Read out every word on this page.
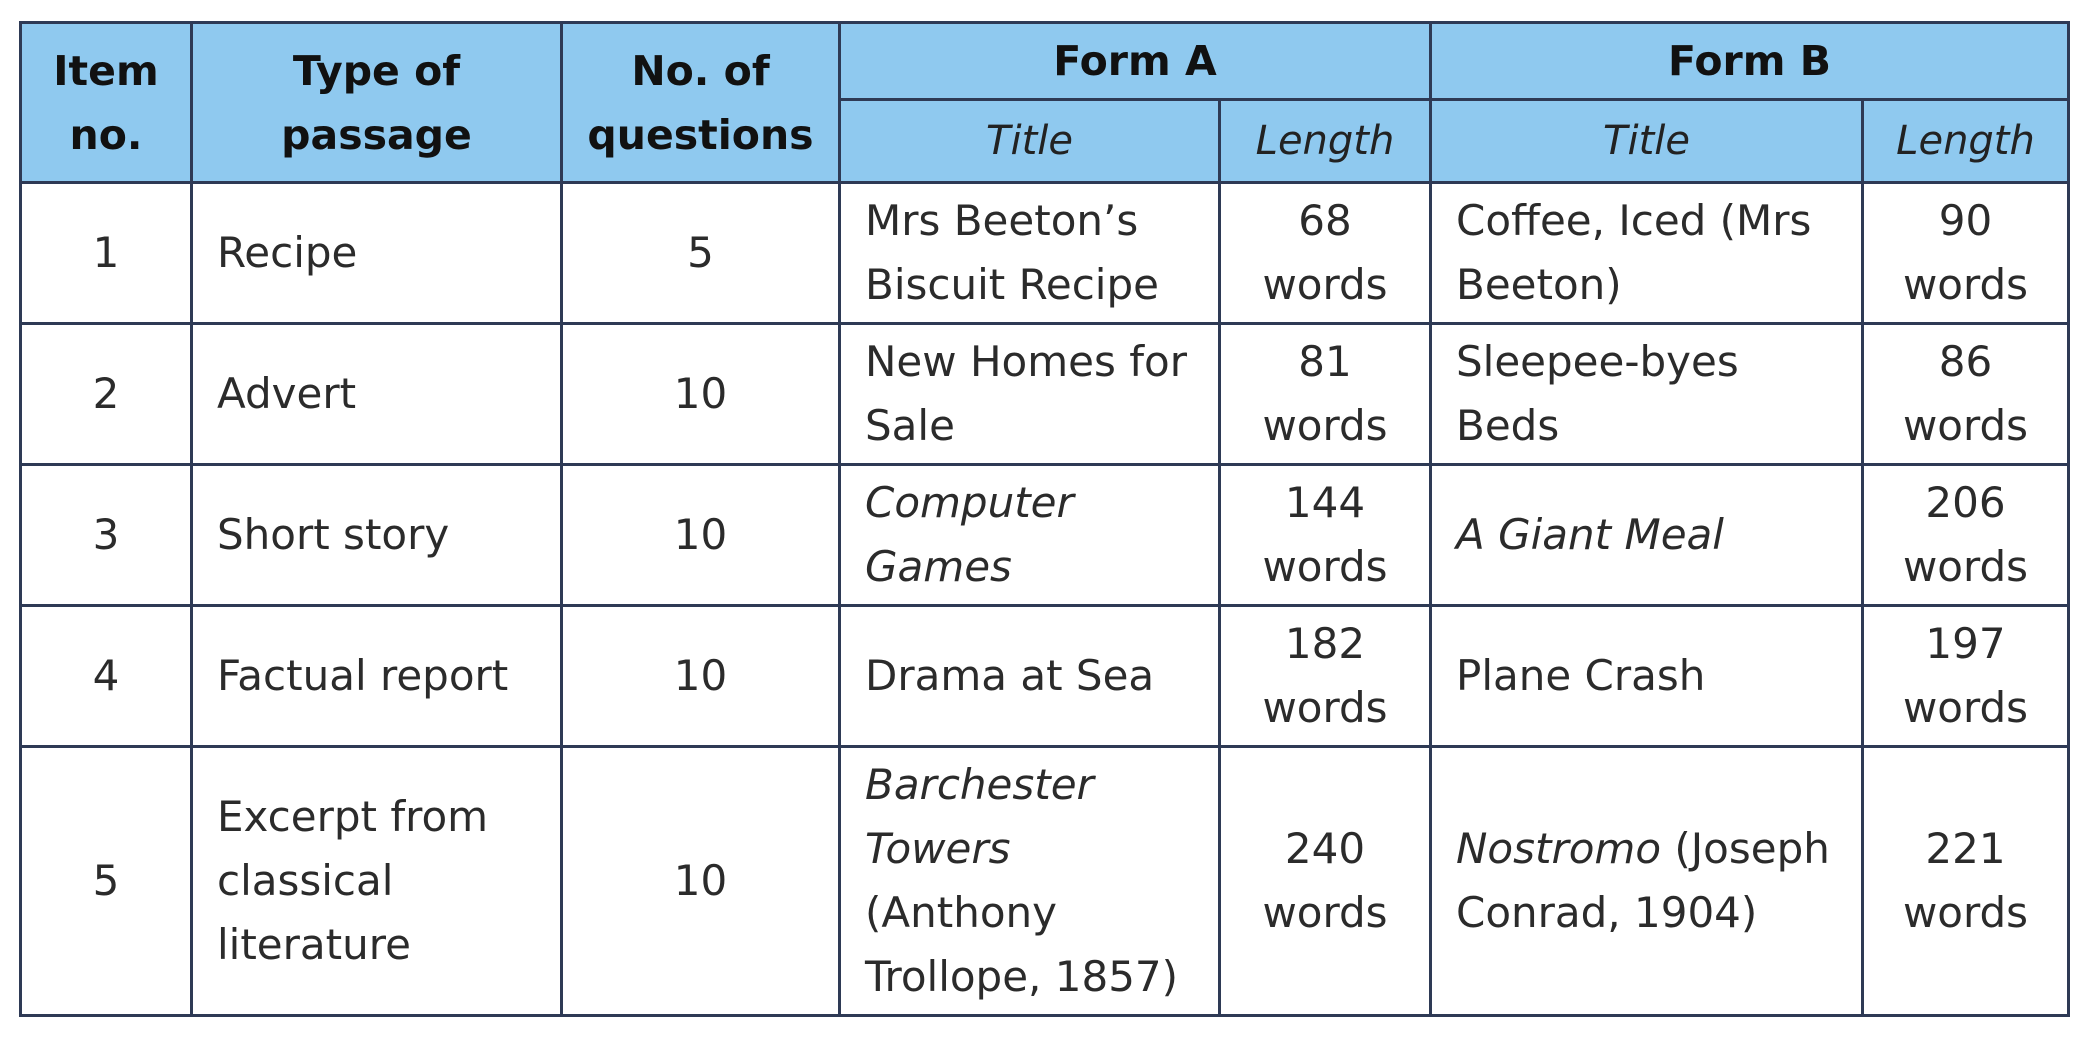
Item no.	Type of passage	No. of questions	Form A		Form B	
			Title	Length	Title	Length
1	Recipe	5	Mrs Beeton’s Biscuit Recipe	68 words	Coffee, Iced (Mrs Beeton)	90 words
2	Advert	10	New Homes for Sale	81 words	Sleepee-byes Beds	86 words
3	Short story	10	Computer Games	144 words	A Giant Meal	206 words
4	Factual report	10	Drama at Sea	182 words	Plane Crash	197 words
5	Excerpt from classical literature	10	Barchester Towers (Anthony Trollope, 1857)	240 words	Nostromo (Joseph Conrad, 1904)	221 words
